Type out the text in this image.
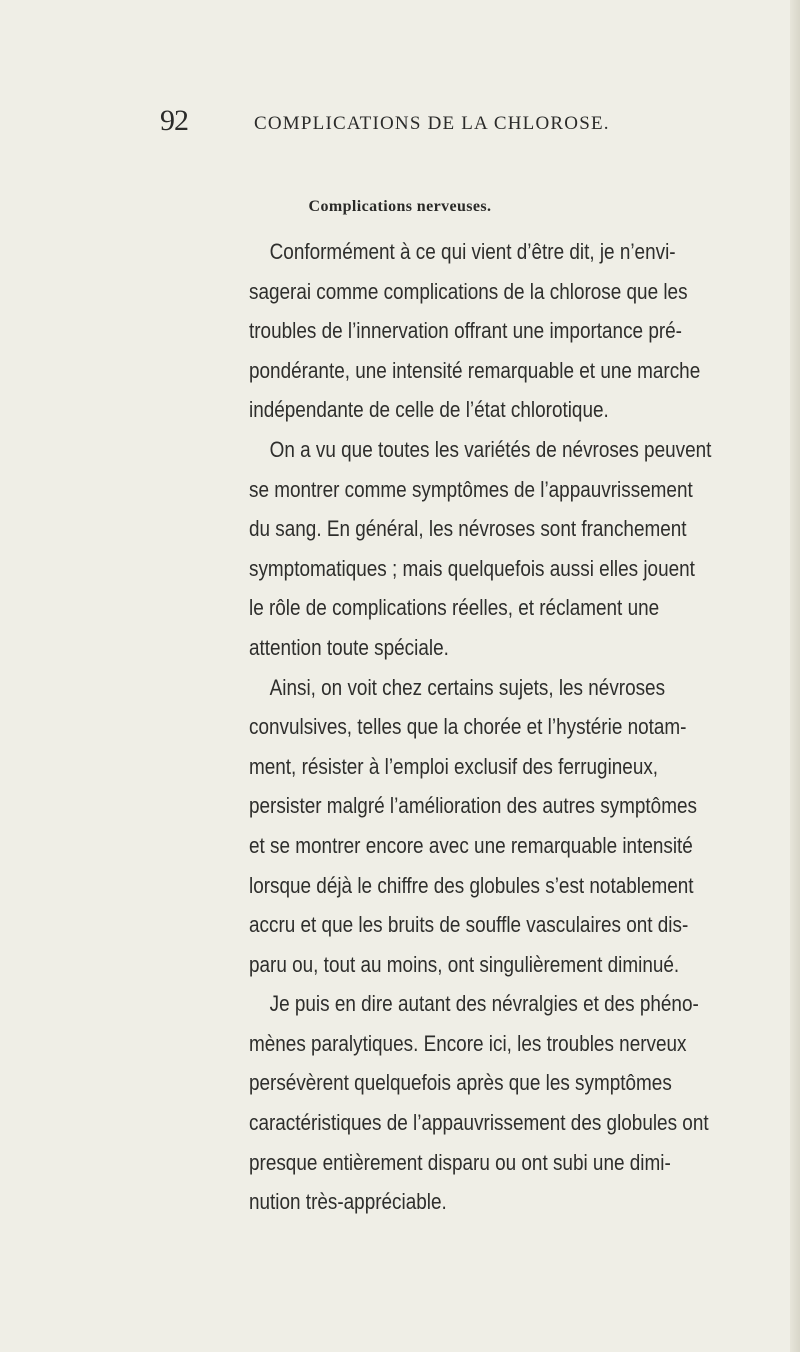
92	COMPLICATIONS DE LA CHLOROSE.
Complications nerveuses.
Conformément à ce qui vient d’être dit, je n’envi-
sagerai comme complications de la chlorose que les
troubles de l’innervation offrant une importance pré-
pondérante, une intensité remarquable et une marche
indépendante de celle de l’état chlorotique.
On a vu que toutes les variétés de névroses peuvent
se montrer comme symptômes de l’appauvrissement
du sang. En général, les névroses sont franchement
symptomatiques ; mais quelquefois aussi elles jouent
le rôle de complications réelles, et réclament une
attention toute spéciale.
Ainsi, on voit chez certains sujets, les névroses
convulsives, telles que la chorée et l’hystérie notam-
ment, résister à l’emploi exclusif des ferrugineux,
persister malgré l’amélioration des autres symptômes
et se montrer encore avec une remarquable intensité
lorsque déjà le chiffre des globules s’est notablement
accru et que les bruits de souffle vasculaires ont dis-
paru ou, tout au moins, ont singulièrement diminué.
Je puis en dire autant des névralgies et des phéno-
mènes paralytiques. Encore ici, les troubles nerveux
persévèrent quelquefois après que les symptômes
caractéristiques de l’appauvrissement des globules ont
presque entièrement disparu ou ont subi une dimi-
nution très-appréciable.
